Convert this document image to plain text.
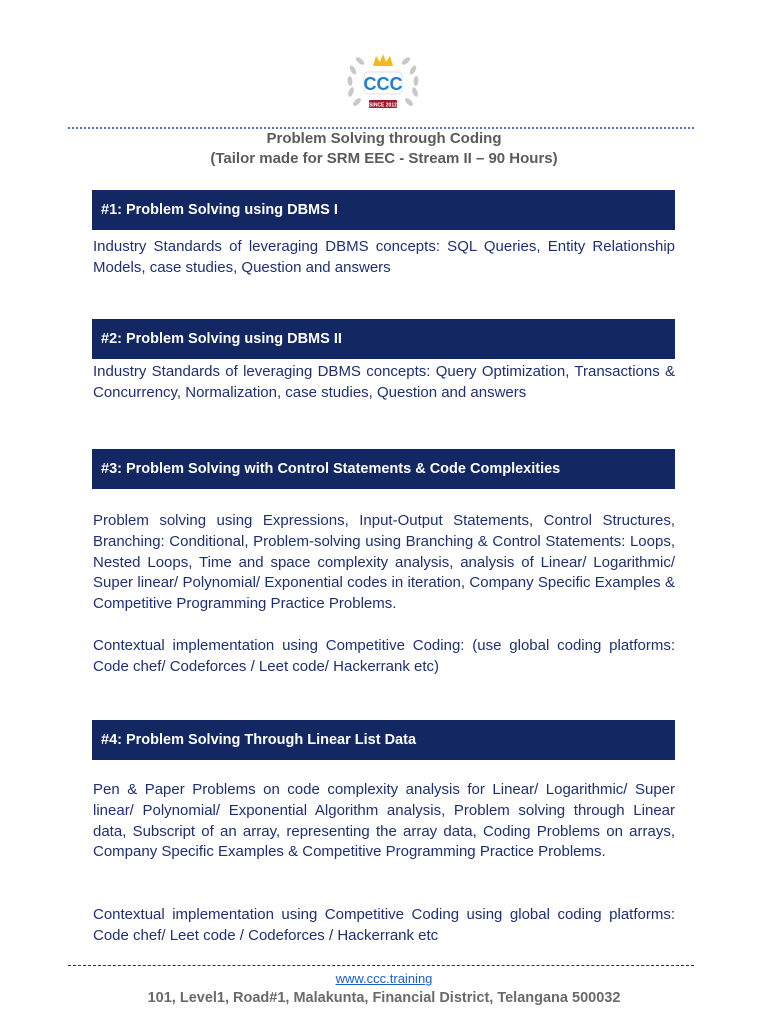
CCC
SINCE 2012
Problem Solving through Coding
(Tailor made for SRM EEC - Stream II – 90 Hours)
#1: Problem Solving using DBMS I

Industry Standards of leveraging DBMS concepts: SQL Queries, Entity Relationship Models, case studies, Question and answers

#2: Problem Solving using DBMS II

Industry Standards of leveraging DBMS concepts: Query Optimization, Transactions & Concurrency, Normalization, case studies, Question and answers

#3: Problem Solving with Control Statements & Code Complexities

Problem solving using Expressions, Input-Output Statements, Control Structures, Branching: Conditional, Problem-solving using Branching & Control Statements: Loops, Nested Loops, Time and space complexity analysis, analysis of Linear/ Logarithmic/ Super linear/ Polynomial/ Exponential codes in iteration, Company Specific Examples & Competitive Programming Practice Problems.

Contextual implementation using Competitive Coding: (use global coding platforms: Code chef/ Codeforces / Leet code/ Hackerrank etc)

#4: Problem Solving Through Linear List Data

Pen & Paper Problems on code complexity analysis for Linear/ Logarithmic/ Super linear/ Polynomial/ Exponential Algorithm analysis, Problem solving through Linear data, Subscript of an array, representing the array data, Coding Problems on arrays, Company Specific Examples & Competitive Programming Practice Problems.

Contextual implementation using Competitive Coding using global coding platforms: Code chef/ Leet code / Codeforces / Hackerrank etc

www.ccc.training
101, Level1, Road#1, Malakunta, Financial District, Telangana 500032
